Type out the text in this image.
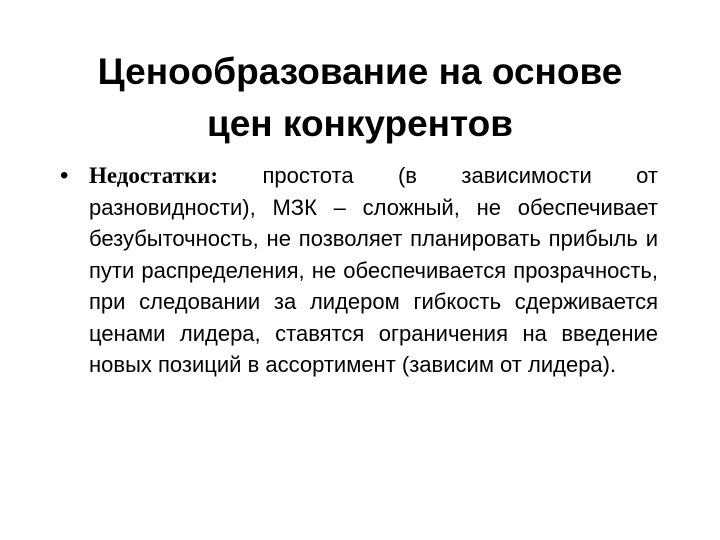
Ценообразование на основе
цен конкурентов
• Недостатки: простота (в зависимости от разновидности), МЗК – сложный, не обеспечивает безубыточность, не позволяет планировать прибыль и пути распределения, не обеспечивается прозрачность, при следовании за лидером гибкость сдерживается ценами лидера, ставятся ограничения на введение новых позиций в ассортимент (зависим от лидера).
